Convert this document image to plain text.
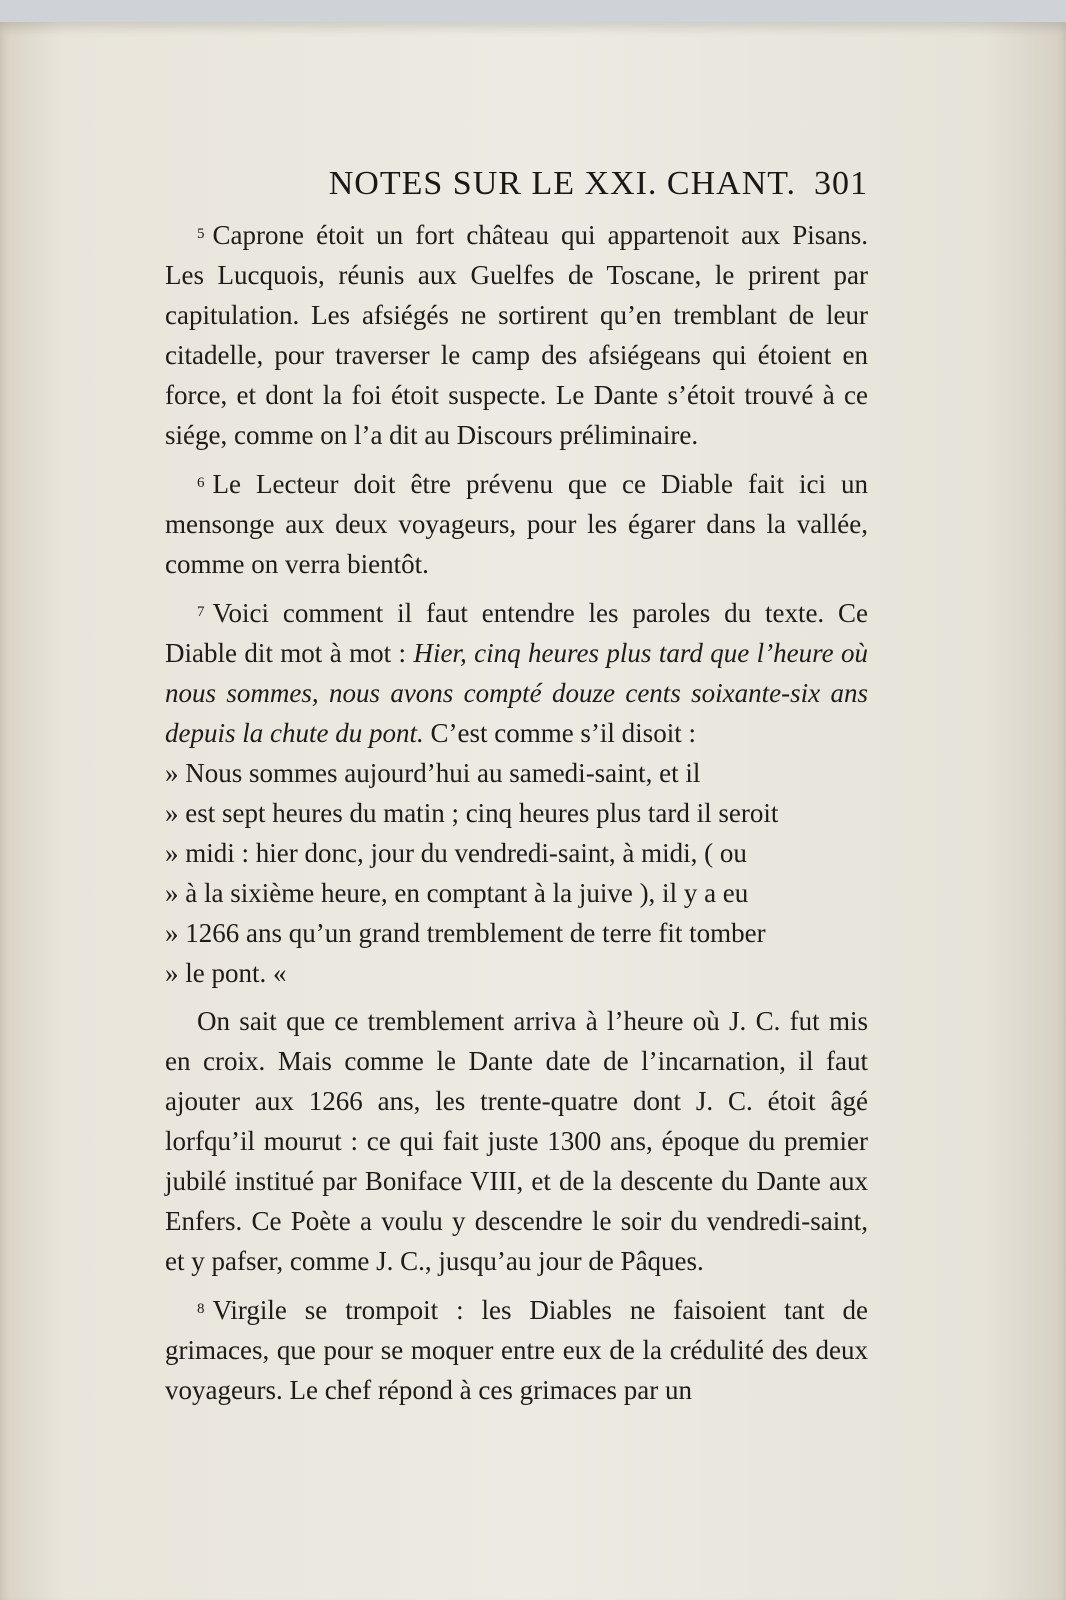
NOTES SUR LE XXI. CHANT. 301

$^5$ Caprone étoit un fort château qui appartenoit aux Pisans. Les Lucquois, réunis aux Guelfes de Toscane, le prirent par capitulation. Les afsiégés ne sortirent qu’en tremblant de leur citadelle, pour traverser le camp des afsiégeans qui étoient en force, et dont la foi étoit suspecte. Le Dante s’étoit trouvé à ce siége, comme on l’a dit au Discours préliminaire.

$^6$ Le Lecteur doit être prévenu que ce Diable fait ici un mensonge aux deux voyageurs, pour les égarer dans la vallée, comme on verra bientôt.

$^7$ Voici comment il faut entendre les paroles du texte. Ce Diable dit mot à mot : Hier, cinq heures plus tard que l’heure où nous sommes, nous avons compté douze cents soixante-six ans depuis la chute du pont. C’est comme s’il disoit :

» Nous sommes aujourd’hui au samedi-saint, et il
» est sept heures du matin ; cinq heures plus tard il seroit
» midi : hier donc, jour du vendredi-saint, à midi, ( ou
» à la sixième heure, en comptant à la juive ), il y a eu
» 1266 ans qu’un grand tremblement de terre fit tomber
» le pont. «

On sait que ce tremblement arriva à l’heure où J. C. fut mis en croix. Mais comme le Dante date de l’incarnation, il faut ajouter aux 1266 ans, les trente-quatre dont J. C. étoit âgé lorfqu’il mourut : ce qui fait juste 1300 ans, époque du premier jubilé institué par Boniface VIII, et de la descente du Dante aux Enfers. Ce Poète a voulu y descendre le soir du vendredi-saint, et y pafser, comme J. C., jusqu’au jour de Pâques.

$^8$ Virgile se trompoit : les Diables ne faisoient tant de grimaces, que pour se moquer entre eux de la crédulité des deux voyageurs. Le chef répond à ces grimaces par un
